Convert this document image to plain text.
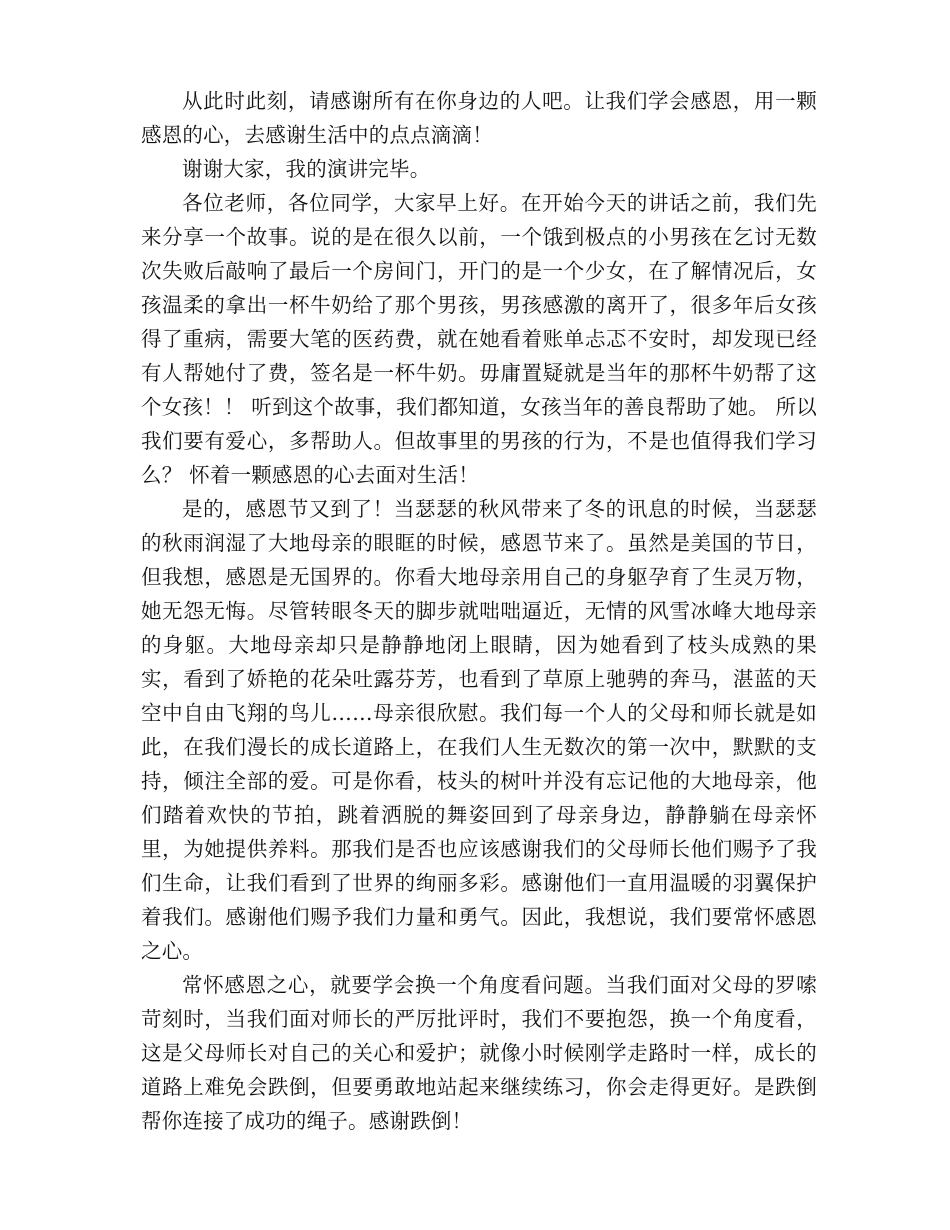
从此时此刻，请感谢所有在你身边的人吧。让我们学会感恩，用一颗感恩的心，去感谢生活中的点点滴滴！

谢谢大家，我的演讲完毕。

各位老师，各位同学，大家早上好。在开始今天的讲话之前，我们先来分享一个故事。说的是在很久以前，一个饿到极点的小男孩在乞讨无数次失败后敲响了最后一个房间门，开门的是一个少女，在了解情况后，女孩温柔的拿出一杯牛奶给了那个男孩，男孩感激的离开了，很多年后女孩得了重病，需要大笔的医药费，就在她看着账单忐忑不安时，却发现已经有人帮她付了费，签名是一杯牛奶。毋庸置疑就是当年的那杯牛奶帮了这个女孩！！ 听到这个故事，我们都知道，女孩当年的善良帮助了她。 所以我们要有爱心，多帮助人。但故事里的男孩的行为，不是也值得我们学习么？ 怀着一颗感恩的心去面对生活！

是的，感恩节又到了！当瑟瑟的秋风带来了冬的讯息的时候，当瑟瑟的秋雨润湿了大地母亲的眼眶的时候，感恩节来了。虽然是美国的节日，但我想，感恩是无国界的。你看大地母亲用自己的身躯孕育了生灵万物，她无怨无悔。尽管转眼冬天的脚步就咄咄逼近，无情的风雪冰峰大地母亲的身躯。大地母亲却只是静静地闭上眼睛，因为她看到了枝头成熟的果实，看到了娇艳的花朵吐露芬芳，也看到了草原上驰骋的奔马，湛蓝的天空中自由飞翔的鸟儿……母亲很欣慰。我们每一个人的父母和师长就是如此，在我们漫长的成长道路上，在我们人生无数次的第一次中，默默的支持，倾注全部的爱。可是你看，枝头的树叶并没有忘记他的大地母亲，他们踏着欢快的节拍，跳着洒脱的舞姿回到了母亲身边，静静躺在母亲怀里，为她提供养料。那我们是否也应该感谢我们的父母师长他们赐予了我们生命，让我们看到了世界的绚丽多彩。感谢他们一直用温暖的羽翼保护着我们。感谢他们赐予我们力量和勇气。因此，我想说，我们要常怀感恩之心。

常怀感恩之心，就要学会换一个角度看问题。当我们面对父母的罗嗦苛刻时，当我们面对师长的严厉批评时，我们不要抱怨，换一个角度看，这是父母师长对自己的关心和爱护；就像小时候刚学走路时一样，成长的道路上难免会跌倒，但要勇敢地站起来继续练习，你会走得更好。是跌倒帮你连接了成功的绳子。感谢跌倒！
